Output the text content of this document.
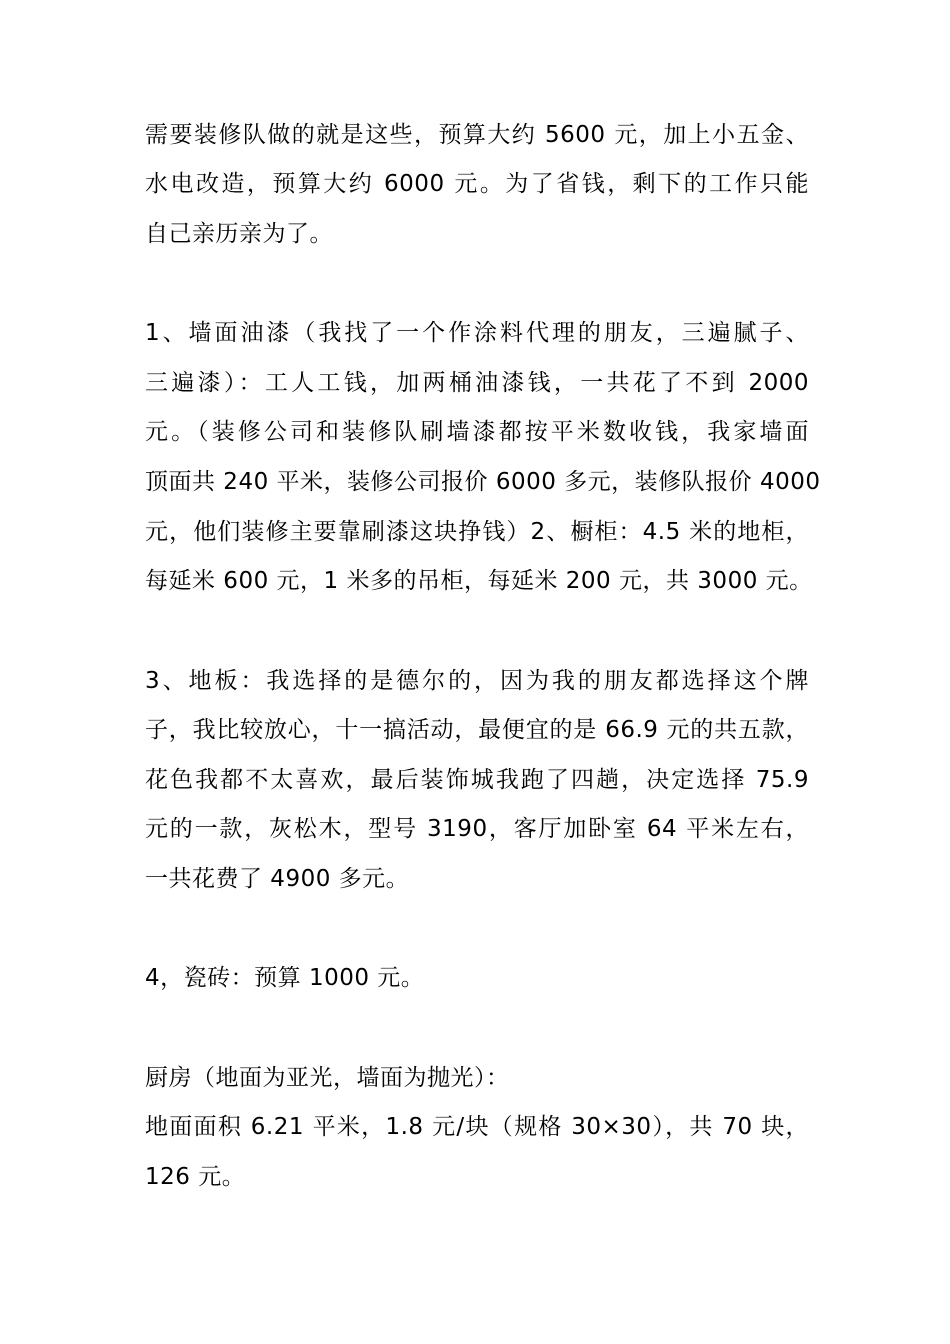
需要装修队做的就是这些，预算大约 5600 元，加上小五金、
水电改造，预算大约 6000 元。为了省钱，剩下的工作只能
自己亲历亲为了。
1、墙面油漆（我找了一个作涂料代理的朋友，三遍腻子、
三遍漆）：工人工钱，加两桶油漆钱，一共花了不到 2000
元。（装修公司和装修队刷墙漆都按平米数收钱，我家墙面
顶面共 240 平米，装修公司报价 6000 多元，装修队报价 4000
元，他们装修主要靠刷漆这块挣钱）2、橱柜：4.5 米的地柜，
每延米 600 元，1 米多的吊柜，每延米 200 元，共 3000 元。
3、地板：我选择的是德尔的，因为我的朋友都选择这个牌
子，我比较放心，十一搞活动，最便宜的是 66.9 元的共五款，
花色我都不太喜欢，最后装饰城我跑了四趟，决定选择 75.9
元的一款，灰松木，型号 3190，客厅加卧室 64 平米左右，
一共花费了 4900 多元。
4，瓷砖：预算 1000 元。
厨房（地面为亚光，墙面为抛光）：
地面面积 6.21 平米，1.8 元/块（规格 30×30），共 70 块，
126 元。
